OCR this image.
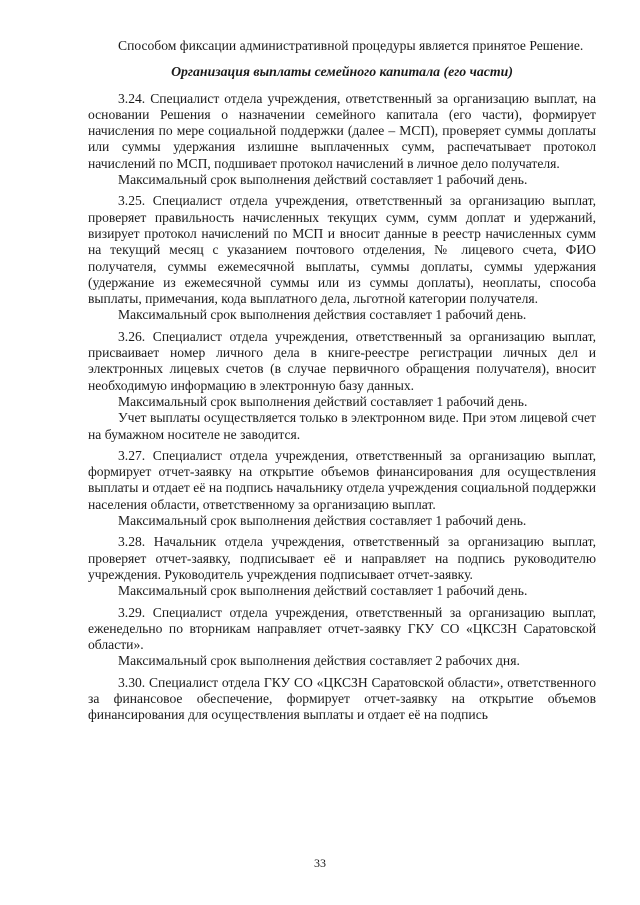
Способом фиксации административной процедуры является принятое Решение.

Организация выплаты семейного капитала (его части)

3.24. Специалист отдела учреждения, ответственный за организацию выплат, на основании Решения о назначении семейного капитала (его части), формирует начисления по мере социальной поддержки (далее – МСП), проверяет суммы доплаты или суммы удержания излишне выплаченных сумм, распечатывает протокол начислений по МСП, подшивает протокол начислений в личное дело получателя.

Максимальный срок выполнения действий составляет 1 рабочий день.

3.25. Специалист отдела учреждения, ответственный за организацию выплат, проверяет правильность начисленных текущих сумм, сумм доплат и удержаний, визирует протокол начислений по МСП и вносит данные в реестр начисленных сумм на текущий месяц с указанием почтового отделения, № лицевого счета, ФИО получателя, суммы ежемесячной выплаты, суммы доплаты, суммы удержания (удержание из ежемесячной суммы или из суммы доплаты), неоплаты, способа выплаты, примечания, кода выплатного дела, льготной категории получателя.

Максимальный срок выполнения действия составляет 1 рабочий день.

3.26. Специалист отдела учреждения, ответственный за организацию выплат, присваивает номер личного дела в книге-реестре регистрации личных дел и электронных лицевых счетов (в случае первичного обращения получателя), вносит необходимую информацию в электронную базу данных.

Максимальный срок выполнения действий составляет 1 рабочий день.

Учет выплаты осуществляется только в электронном виде. При этом лицевой счет на бумажном носителе не заводится.

3.27. Специалист отдела учреждения, ответственный за организацию выплат, формирует отчет-заявку на открытие объемов финансирования для осуществления выплаты и отдает её на подпись начальнику отдела учреждения социальной поддержки населения области, ответственному за организацию выплат.

Максимальный срок выполнения действия составляет 1 рабочий день.

3.28. Начальник отдела учреждения, ответственный за организацию выплат, проверяет отчет-заявку, подписывает её и направляет на подпись руководителю учреждения. Руководитель учреждения подписывает отчет-заявку.

Максимальный срок выполнения действий составляет 1 рабочий день.

3.29. Специалист отдела учреждения, ответственный за организацию выплат, еженедельно по вторникам направляет отчет-заявку ГКУ СО «ЦКСЗН Саратовской области».

Максимальный срок выполнения действия составляет 2 рабочих дня.

3.30. Специалист отдела ГКУ СО «ЦКСЗН Саратовской области», ответственного за финансовое обеспечение, формирует отчет-заявку на открытие объемов финансирования для осуществления выплаты и отдает её на подпись

33
